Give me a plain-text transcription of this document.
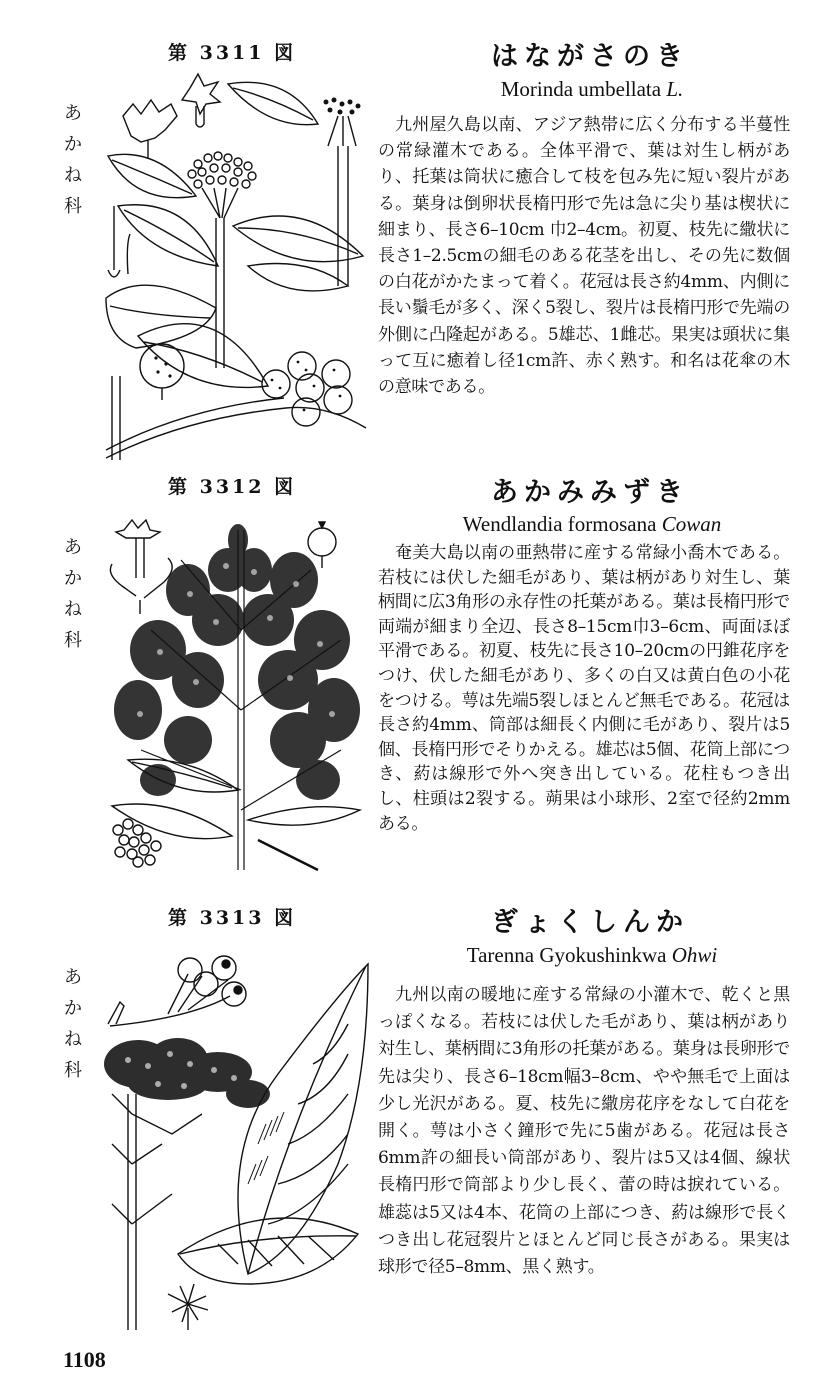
第 3311 図
あ
か
ね
科
はながさのき
Morinda umbellata L.
九州屋久島以南、アジア熱帯に広く分布する半蔓性の常緑灌木である。全体平滑で、葉は対生し柄があり、托葉は筒状に癒合して枝を包み先に短い裂片がある。葉身は倒卵状長楕円形で先は急に尖り基は楔状に細まり、長さ6–10cm 巾2–4cm。初夏、枝先に繖状に長さ1–2.5cmの細毛のある花茎を出し、その先に数個の白花がかたまって着く。花冠は長さ約4mm、内側に長い鬚毛が多く、深く5裂し、裂片は長楕円形で先端の外側に凸隆起がある。5雄芯、1雌芯。果実は頭状に集って互に癒着し径1cm許、赤く熟す。和名は花傘の木の意味である。
第 3312 図
あ
か
ね
科
あかみみずき
Wendlandia formosana Cowan
奄美大島以南の亜熱帯に産する常緑小喬木である。若枝には伏した細毛があり、葉は柄があり対生し、葉柄間に広3角形の永存性の托葉がある。葉は長楕円形で両端が細まり全辺、長さ8–15cm巾3–6cm、両面ほぼ平滑である。初夏、枝先に長さ10–20cmの円錐花序をつけ、伏した細毛があり、多くの白又は黄白色の小花をつける。萼は先端5裂しほとんど無毛である。花冠は長さ約4mm、筒部は細長く内側に毛があり、裂片は5個、長楕円形でそりかえる。雄芯は5個、花筒上部につき、葯は線形で外へ突き出している。花柱もつき出し、柱頭は2裂する。蒴果は小球形、2室で径約2mmある。
第 3313 図
あ
か
ね
科
ぎょくしんか
Tarenna Gyokushinkwa Ohwi
九州以南の暖地に産する常緑の小灌木で、乾くと黒っぽくなる。若枝には伏した毛があり、葉は柄があり対生し、葉柄間に3角形の托葉がある。葉身は長卵形で先は尖り、長さ6–18cm幅3–8cm、やや無毛で上面は少し光沢がある。夏、枝先に繖房花序をなして白花を開く。萼は小さく鐘形で先に5歯がある。花冠は長さ6mm許の細長い筒部があり、裂片は5又は4個、線状長楕円形で筒部より少し長く、蕾の時は捩れている。雄蕊は5又は4本、花筒の上部につき、葯は線形で長くつき出し花冠裂片とほとんど同じ長さがある。果実は球形で径5–8mm、黒く熟す。
1108
